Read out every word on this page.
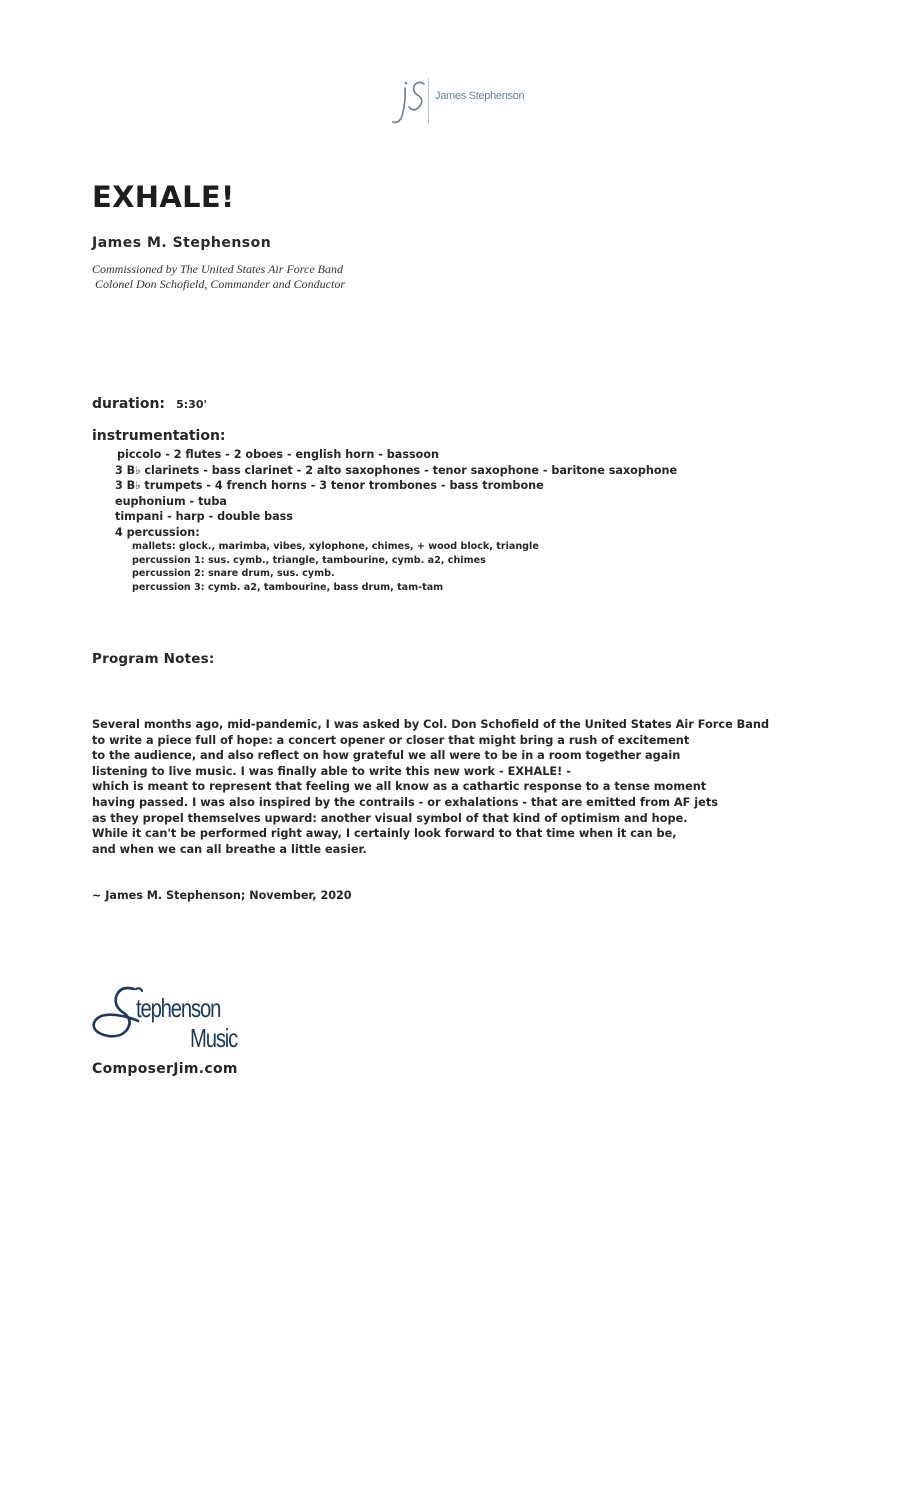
James Stephenson
EXHALE!
James M. Stephenson
Commissioned by The United States Air Force Band
Colonel Don Schofield, Commander and Conductor
duration: 5:30'
instrumentation:
piccolo - 2 flutes - 2 oboes - english horn - bassoon
3 B♭ clarinets - bass clarinet - 2 alto saxophones - tenor saxophone - baritone saxophone
3 B♭ trumpets - 4 french horns - 3 tenor trombones - bass trombone
euphonium - tuba
timpani - harp - double bass
4 percussion:
mallets: glock., marimba, vibes, xylophone, chimes, + wood block, triangle
percussion 1: sus. cymb., triangle, tambourine, cymb. a2, chimes
percussion 2: snare drum, sus. cymb.
percussion 3: cymb. a2, tambourine, bass drum, tam-tam
Program Notes:
Several months ago, mid-pandemic, I was asked by Col. Don Schofield of the United States Air Force Band
to write a piece full of hope: a concert opener or closer that might bring a rush of excitement
to the audience, and also reflect on how grateful we all were to be in a room together again
listening to live music. I was finally able to write this new work - EXHALE! -
which is meant to represent that feeling we all know as a cathartic response to a tense moment
having passed. I was also inspired by the contrails - or exhalations - that are emitted from AF jets
as they propel themselves upward: another visual symbol of that kind of optimism and hope.
While it can't be performed right away, I certainly look forward to that time when it can be,
and when we can all breathe a little easier.
~ James M. Stephenson; November, 2020
tephenson
Music
ComposerJim.com
